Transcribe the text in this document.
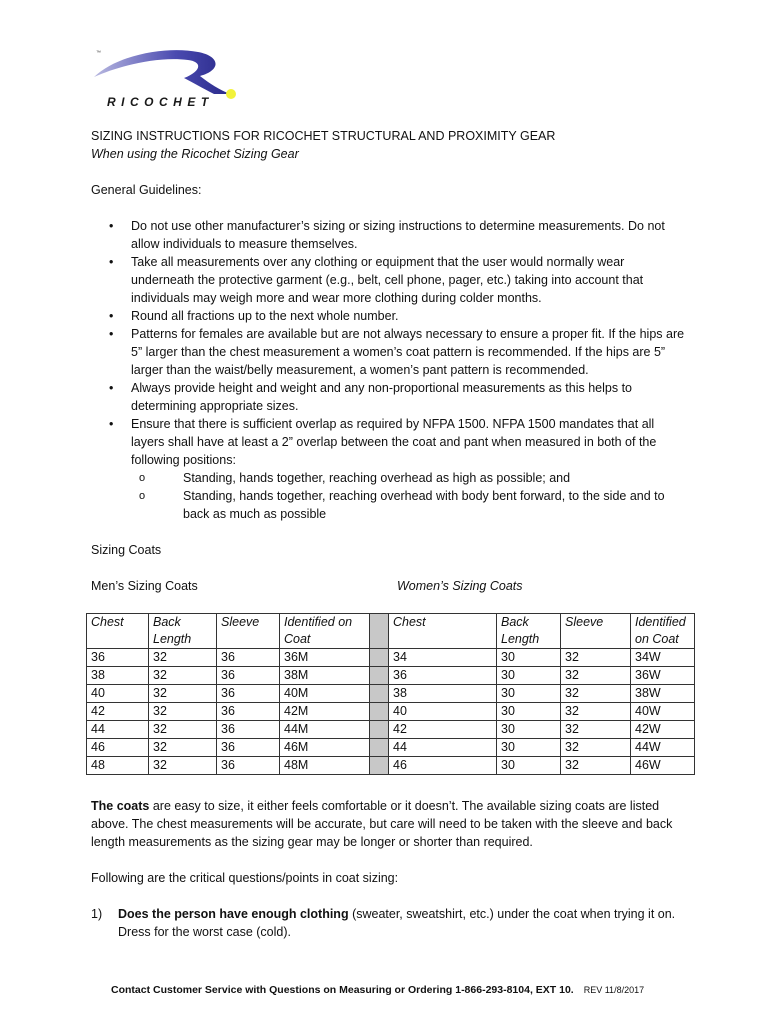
™
RICOCHET
SIZING INSTRUCTIONS FOR RICOCHET STRUCTURAL AND PROXIMITY GEAR
When using the Ricochet Sizing Gear
General Guidelines:
• Do not use other manufacturer’s sizing or sizing instructions to determine measurements. Do not allow individuals to measure themselves.
• Take all measurements over any clothing or equipment that the user would normally wear underneath the protective garment (e.g., belt, cell phone, pager, etc.) taking into account that individuals may weigh more and wear more clothing during colder months.
• Round all fractions up to the next whole number.
• Patterns for females are available but are not always necessary to ensure a proper fit. If the hips are 5” larger than the chest measurement a women’s coat pattern is recommended. If the hips are 5” larger than the waist/belly measurement, a women’s pant pattern is recommended.
• Always provide height and weight and any non-proportional measurements as this helps to determining appropriate sizes.
• Ensure that there is sufficient overlap as required by NFPA 1500. NFPA 1500 mandates that all layers shall have at least a 2” overlap between the coat and pant when measured in both of the following positions:
o	Standing, hands together, reaching overhead as high as possible; and
o	Standing, hands together, reaching overhead with body bent forward, to the side and to back as much as possible
Sizing Coats
Men’s Sizing Coats	Women’s Sizing Coats
Chest	Back Length	Sleeve	Identified on Coat		Chest	Back Length	Sleeve	Identified on Coat
36	32	36	36M		34	30	32	34W
38	32	36	38M		36	30	32	36W
40	32	36	40M		38	30	32	38W
42	32	36	42M		40	30	32	40W
44	32	36	44M		42	30	32	42W
46	32	36	46M		44	30	32	44W
48	32	36	48M		46	30	32	46W
The coats are easy to size, it either feels comfortable or it doesn’t. The available sizing coats are listed above. The chest measurements will be accurate, but care will need to be taken with the sleeve and back length measurements as the sizing gear may be longer or shorter than required.
Following are the critical questions/points in coat sizing:
1) Does the person have enough clothing (sweater, sweatshirt, etc.) under the coat when trying it on. Dress for the worst case (cold).
Contact Customer Service with Questions on Measuring or Ordering 1-866-293-8104, EXT 10. REV 11/8/2017
